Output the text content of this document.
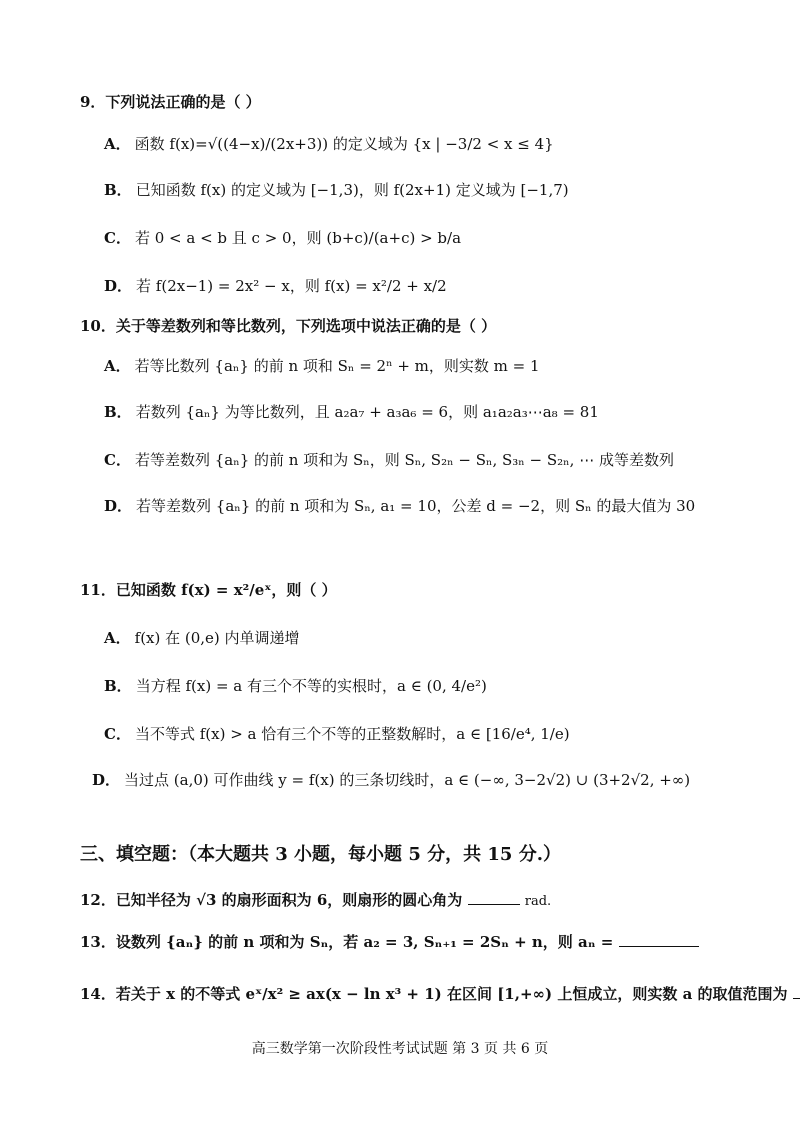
9．下列说法正确的是（ ）
A． 函数 f(x)=√((4−x)/(2x+3)) 的定义域为 {x | −3/2 < x ≤ 4}
B． 已知函数 f(x) 的定义域为 [−1,3)，则 f(2x+1) 定义域为 [−1,7)
C． 若 0 < a < b 且 c > 0，则 (b+c)/(a+c) > b/a
D． 若 f(2x−1) = 2x² − x，则 f(x) = x²/2 + x/2
10．关于等差数列和等比数列，下列选项中说法正确的是（ ）
A． 若等比数列 {aₙ} 的前 n 项和 Sₙ = 2ⁿ + m，则实数 m = 1
B． 若数列 {aₙ} 为等比数列，且 a₂a₇ + a₃a₆ = 6，则 a₁a₂a₃⋯a₈ = 81
C． 若等差数列 {aₙ} 的前 n 项和为 Sₙ，则 Sₙ, S₂ₙ − Sₙ, S₃ₙ − S₂ₙ, ⋯ 成等差数列
D． 若等差数列 {aₙ} 的前 n 项和为 Sₙ, a₁ = 10，公差 d = −2，则 Sₙ 的最大值为 30
11．已知函数 f(x) = x²/eˣ，则（ ）
A． f(x) 在 (0,e) 内单调递增
B． 当方程 f(x) = a 有三个不等的实根时，a ∈ (0, 4/e²)
C． 当不等式 f(x) > a 恰有三个不等的正整数解时，a ∈ [16/e⁴, 1/e)
D． 当过点 (a,0) 可作曲线 y = f(x) 的三条切线时，a ∈ (−∞, 3−2√2) ∪ (3+2√2, +∞)
三、填空题：（本大题共 3 小题，每小题 5 分，共 15 分.）
12．已知半径为 √3 的扇形面积为 6，则扇形的圆心角为	rad.
13．设数列 {aₙ} 的前 n 项和为 Sₙ，若 a₂ = 3, Sₙ₊₁ = 2Sₙ + n，则 aₙ =
14．若关于 x 的不等式 eˣ/x² ≥ ax(x − ln x³ + 1) 在区间 [1,+∞) 上恒成立，则实数 a 的取值范围为
高三数学第一次阶段性考试试题 第 3 页 共 6 页
